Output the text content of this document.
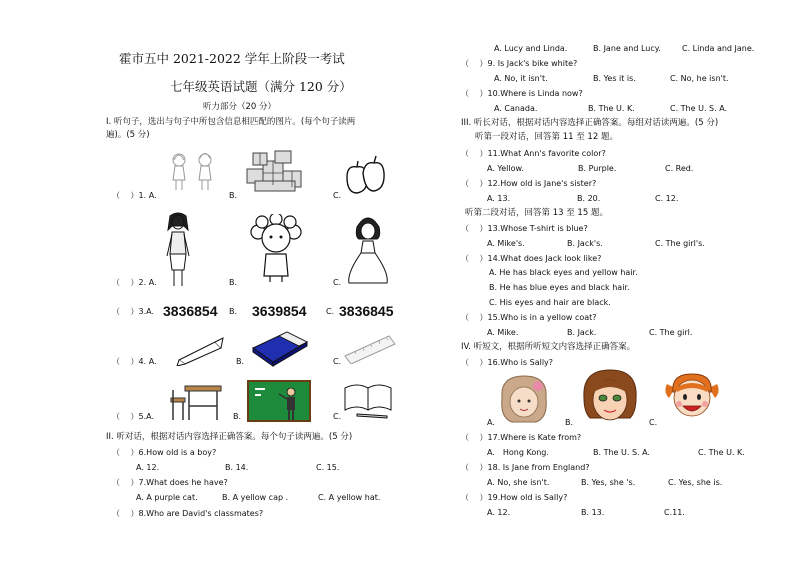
霍市五中 2021-2022 学年上阶段一考试
七年级英语试题（满分 120 分）
听力部分（20 分）
I. 听句子，选出与句子中所包含信息相匹配的图片。(每个句子读两
遍)。(5 分)
（　 ）1. A.	B.	C.
（　 ）2. A.	B.	C.
（　 ）3.A. 3836854 B. 3639854 C. 3836845
（　 ）4. A.	B.	C.
（　 ）5.A.	B.	C.
II. 听对话，根据对话内容选择正确答案。每个句子读两遍。(5 分)
（　 ）6.How old is a boy?
A. 12.	B. 14.	C. 15.
（　 ）7.What does he have?
A. A purple cat.	B. A yellow cap .	C. A yellow hat.
（　 ）8.Who are David's classmates?
A. Lucy and Linda.	B. Jane and Lucy.	C. Linda and Jane.
（　 ）9. Is Jack's bike white?
A. No, it isn't.	B. Yes it is.	C. No, he isn't.
（　 ）10.Where is Linda now?
A. Canada.	B. The U. K.	C. The U. S. A.
III. 听长对话，根据对话内容选择正确答案。每组对话读两遍。(5 分)
听第一段对话，回答第 11 至 12 题。
（　 ）11.What Ann's favorite color?
A. Yellow.	B. Purple.	C. Red.
（　 ）12.How old is Jane's sister?
A. 13.	B. 20.	C. 12.
听第二段对话，回答第 13 至 15 题。
（　 ）13.Whose T-shirt is blue?
A. Mike's.	B. Jack's.	C. The girl's.
（　 ）14.What does Jack look like?
A. He has black eyes and yellow hair.
B. He has blue eyes and black hair.
C. His eyes and hair are black.
（　 ）15.Who is in a yellow coat?
A. Mike.	B. Jack.	C. The girl.
IV. 听短文，根据所听短文内容选择正确答案。
（　 ）16.Who is Sally?
A.	B.	C.
（　 ）17.Where is Kate from?
A.　Hong Kong.	B. The U. S. A.	C. The U. K.
（　 ）18. Is Jane from England?
A. No, she isn't.	B. Yes, she 's.	C. Yes, she is.
（　 ）19.How old is Sally?
A. 12.	B. 13.	C.11.
